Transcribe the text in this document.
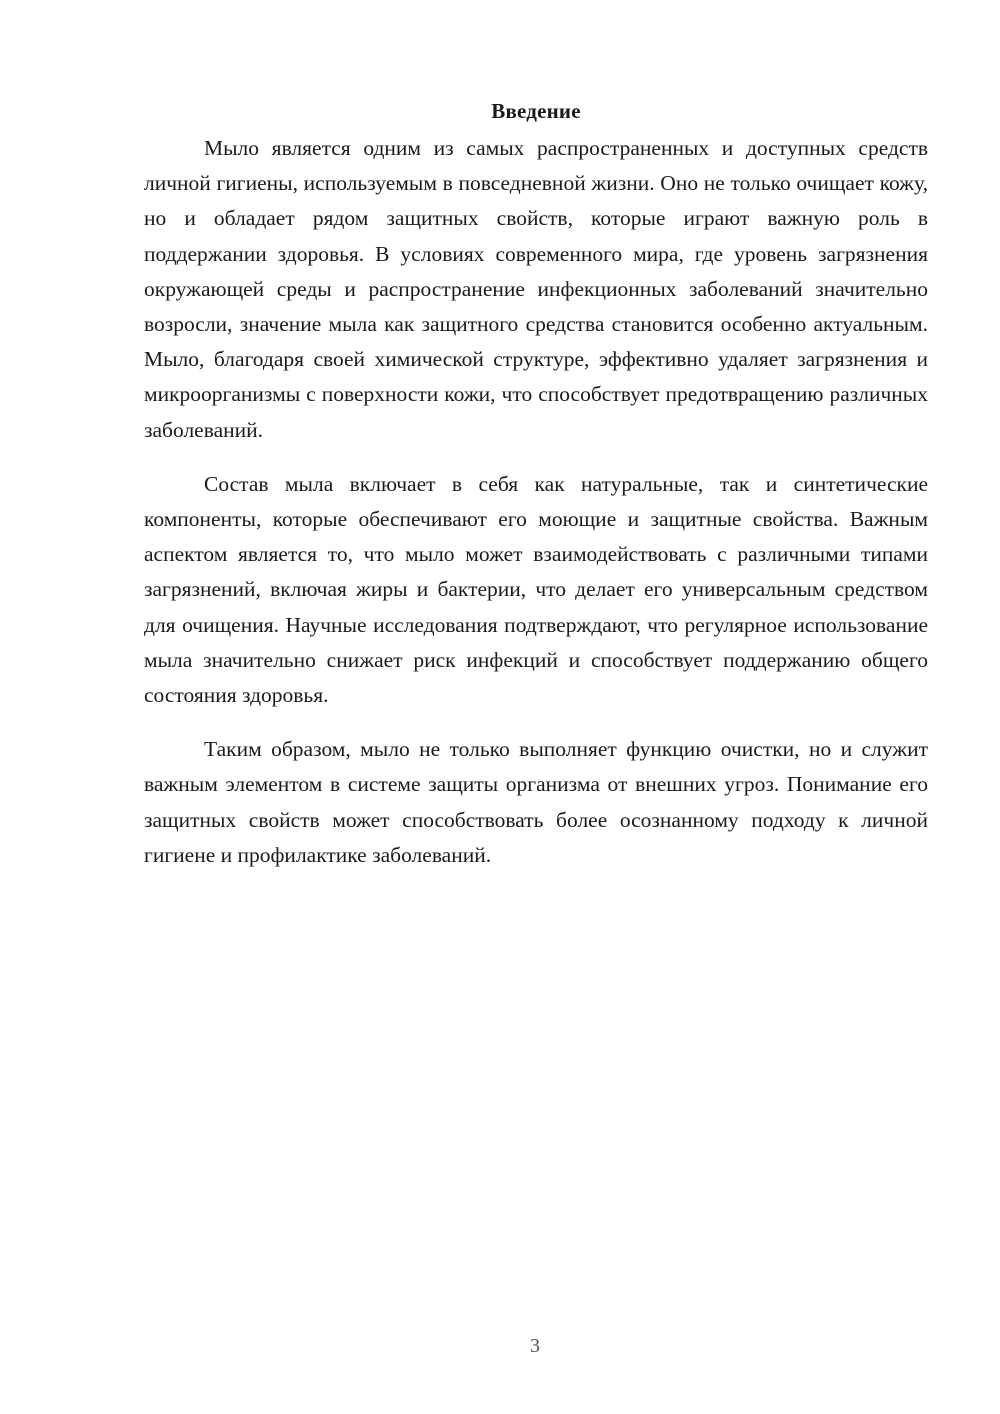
Введение

Мыло является одним из самых распространенных и доступных средств личной гигиены, используемым в повседневной жизни. Оно не только очищает кожу, но и обладает рядом защитных свойств, которые играют важную роль в поддержании здоровья. В условиях современного мира, где уровень загрязнения окружающей среды и распространение инфекционных заболеваний значительно возросли, значение мыла как защитного средства становится особенно актуальным. Мыло, благодаря своей химической структуре, эффективно удаляет загрязнения и микроорганизмы с поверхности кожи, что способствует предотвращению различных заболеваний.

Состав мыла включает в себя как натуральные, так и синтетические компоненты, которые обеспечивают его моющие и защитные свойства. Важным аспектом является то, что мыло может взаимодействовать с различными типами загрязнений, включая жиры и бактерии, что делает его универсальным средством для очищения. Научные исследования подтверждают, что регулярное использование мыла значительно снижает риск инфекций и способствует поддержанию общего состояния здоровья.

Таким образом, мыло не только выполняет функцию очистки, но и служит важным элементом в системе защиты организма от внешних угроз. Понимание его защитных свойств может способствовать более осознанному подходу к личной гигиене и профилактике заболеваний.

3
